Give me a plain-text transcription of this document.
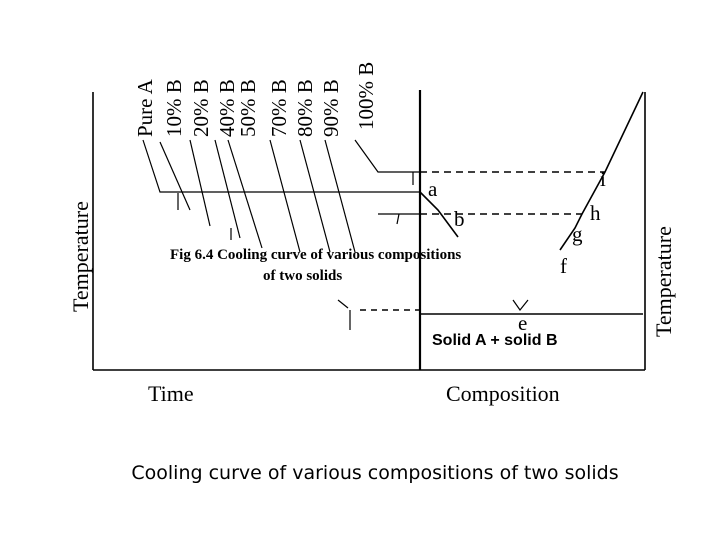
Pure A 10% B 20% B 40% B
50% B 70% B 80% B 90% B 100% B
Temperature	Temperature
Time	Composition
a
b
e
f
g
h
i
Fig 6.4 Cooling curve of various compositions
of two solids
Solid A + solid B
Cooling curve of various compositions of two solids
